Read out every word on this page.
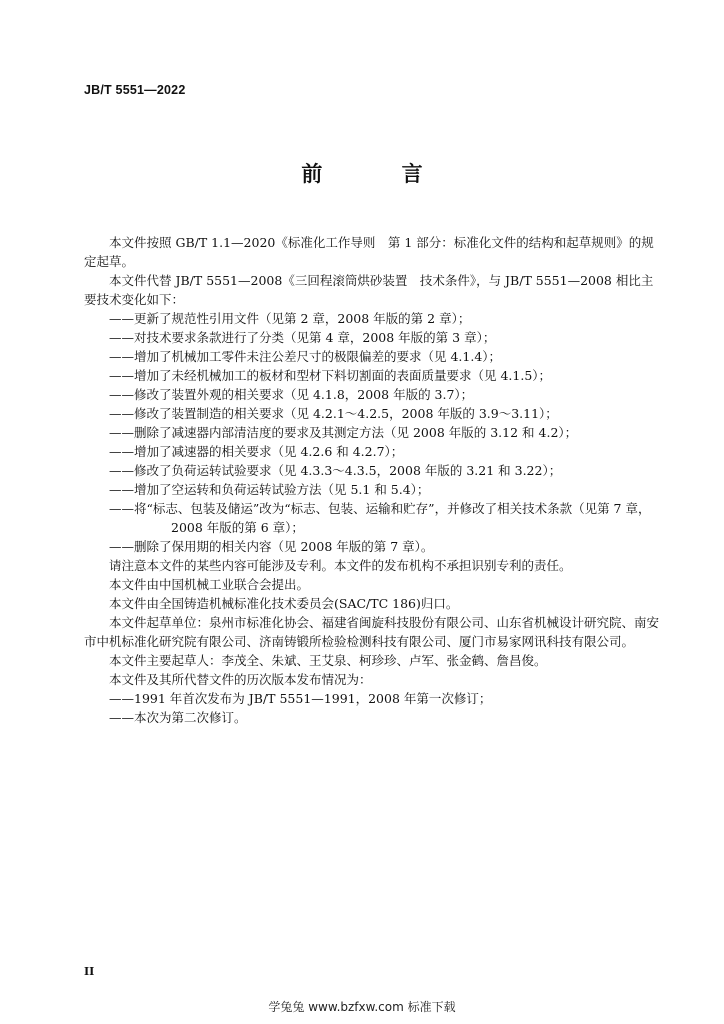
JB/T 5551—2022
前 言

本文件按照 GB/T 1.1—2020《标准化工作导则　第 1 部分：标准化文件的结构和起草规则》的规定起草。

本文件代替 JB/T 5551—2008《三回程滚筒烘砂装置　技术条件》，与 JB/T 5551—2008 相比主要技术变化如下：

——更新了规范性引用文件（见第 2 章，2008 年版的第 2 章）；

——对技术要求条款进行了分类（见第 4 章，2008 年版的第 3 章）；

——增加了机械加工零件未注公差尺寸的极限偏差的要求（见 4.1.4）；

——增加了未经机械加工的板材和型材下料切割面的表面质量要求（见 4.1.5）；

——修改了装置外观的相关要求（见 4.1.8，2008 年版的 3.7）；

——修改了装置制造的相关要求（见 4.2.1～4.2.5，2008 年版的 3.9～3.11）；

——删除了减速器内部清洁度的要求及其测定方法（见 2008 年版的 3.12 和 4.2）；

——增加了减速器的相关要求（见 4.2.6 和 4.2.7）；

——修改了负荷运转试验要求（见 4.3.3～4.3.5，2008 年版的 3.21 和 3.22）；

——增加了空运转和负荷运转试验方法（见 5.1 和 5.4）；

——将“标志、包装及储运”改为“标志、包装、运输和贮存”，并修改了相关技术条款（见第 7 章，2008 年版的第 6 章）；

——删除了保用期的相关内容（见 2008 年版的第 7 章）。

请注意本文件的某些内容可能涉及专利。本文件的发布机构不承担识别专利的责任。

本文件由中国机械工业联合会提出。

本文件由全国铸造机械标准化技术委员会(SAC/TC 186)归口。

本文件起草单位：泉州市标准化协会、福建省闽旋科技股份有限公司、山东省机械设计研究院、南安市中机标准化研究院有限公司、济南铸锻所检验检测科技有限公司、厦门市易家网讯科技有限公司。

本文件主要起草人：李茂全、朱斌、王艾泉、柯珍珍、卢军、张金鹤、詹昌俊。

本文件及其所代替文件的历次版本发布情况为：

——1991 年首次发布为 JB/T 5551—1991，2008 年第一次修订；

——本次为第二次修订。

II
学兔兔 www.bzfxw.com 标准下载
